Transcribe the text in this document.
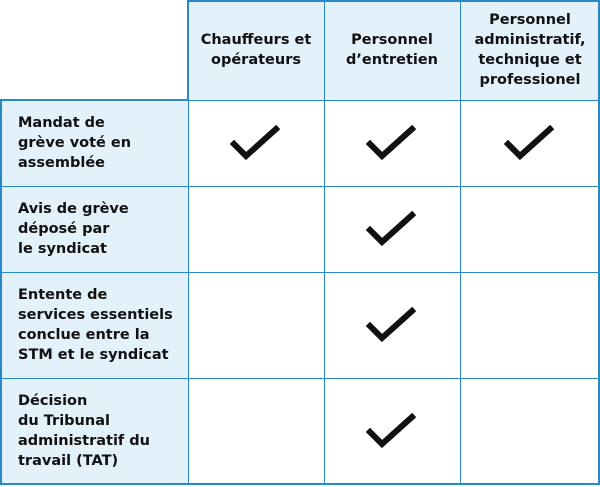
Chauffeurs et
opérateurs
Personnel
d’entretien
Personnel
administratif,
technique et
professionel
Mandat de
grève voté en
assemblée
Avis de grève
déposé par
le syndicat
Entente de
services essentiels
conclue entre la
STM et le syndicat
Décision
du Tribunal
administratif du
travail (TAT)
